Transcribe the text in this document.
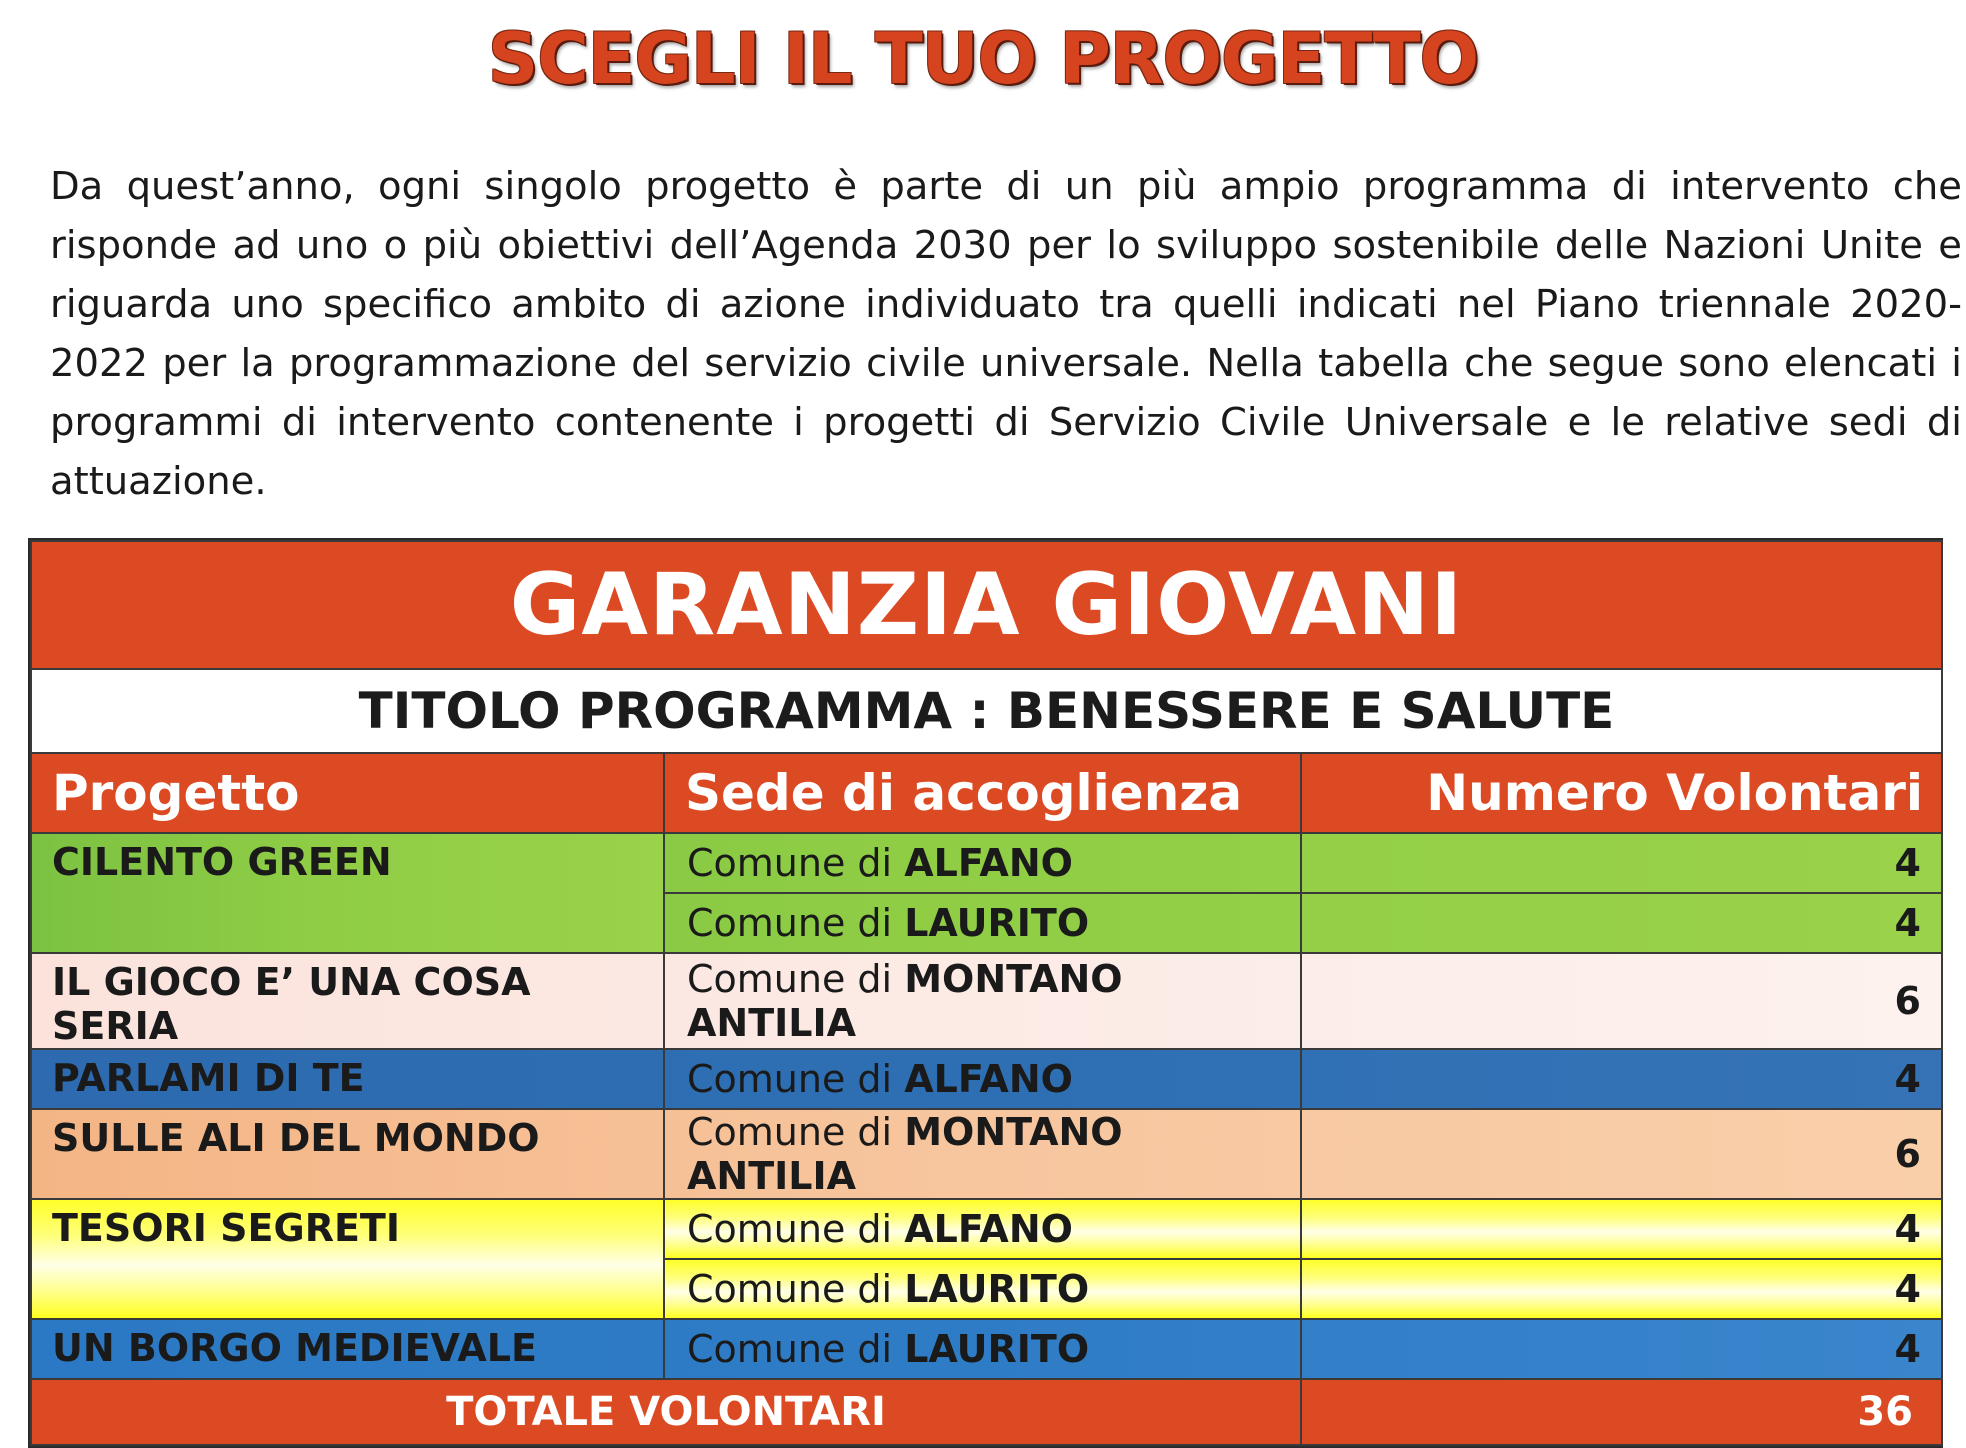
SCEGLI IL TUO PROGETTO

Da quest’anno, ogni singolo progetto è parte di un più ampio programma di intervento che risponde ad uno o più obiettivi dell’Agenda 2030 per lo sviluppo sostenibile delle Nazioni Unite e riguarda uno specifico ambito di azione individuato tra quelli indicati nel Piano triennale 2020-2022 per la programmazione del servizio civile universale. Nella tabella che segue sono elencati i programmi di intervento contenente i progetti di Servizio Civile Universale e le relative sedi di attuazione.

GARANZIA GIOVANI		
TITOLO PROGRAMMA : BENESSERE E SALUTE		
Progetto	Sede di accoglienza	Numero Volontari
CILENTO GREEN	Comune di ALFANO	4
	Comune di LAURITO	4
IL GIOCO E’ UNA COSA SERIA	Comune di MONTANO ANTILIA	6
PARLAMI DI TE	Comune di ALFANO	4
SULLE ALI DEL MONDO	Comune di MONTANO ANTILIA	6
TESORI SEGRETI	Comune di ALFANO	4
	Comune di LAURITO	4
UN BORGO MEDIEVALE	Comune di LAURITO	4
TOTALE VOLONTARI		36
